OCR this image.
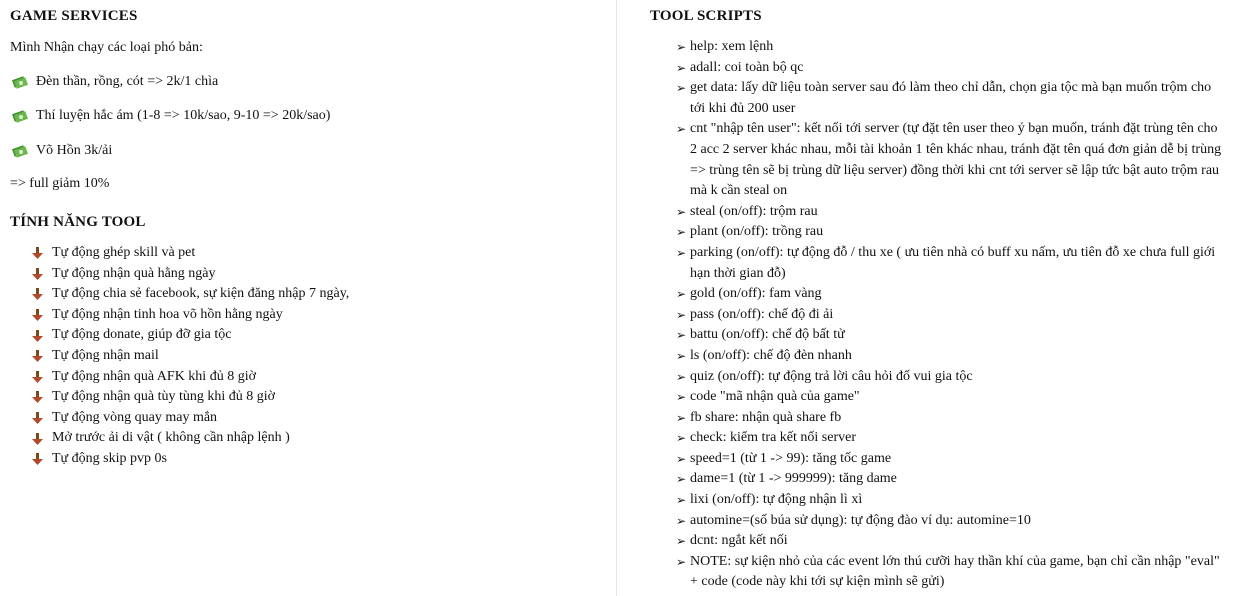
GAME SERVICES
Mình Nhận chạy các loại phó bản:
Đèn thần, rồng, cót => 2k/1 chìa
Thí luyện hắc ám (1-8 => 10k/sao, 9-10 => 20k/sao)
Võ Hồn 3k/ải
=> full giảm 10%
TÍNH NĂNG TOOL
Tự động ghép skill và pet
Tự động nhận quà hằng ngày
Tự động chia sẻ facebook, sự kiện đăng nhập 7 ngày,
Tự động nhận tinh hoa võ hồn hằng ngày
Tự động donate, giúp đỡ gia tộc
Tự động nhận mail
Tự động nhận quà AFK khi đủ 8 giờ
Tự động nhận quà tùy tùng khi đủ 8 giờ
Tự động vòng quay may mắn
Mở trước ải di vật ( không cần nhập lệnh )
Tự động skip pvp 0s
TOOL SCRIPTS
➢ help: xem lệnh
➢ adall: coi toàn bộ qc
➢ get data: lấy dữ liệu toàn server sau đó làm theo chỉ dẫn, chọn gia tộc mà bạn muốn trộm cho tới khi đủ 200 user
➢ cnt "nhập tên user": kết nối tới server (tự đặt tên user theo ý bạn muốn, tránh đặt trùng tên cho 2 acc 2 server khác nhau, mỗi tài khoản 1 tên khác nhau, tránh đặt tên quá đơn giản dễ bị trùng => trùng tên sẽ bị trùng dữ liệu server) đồng thời khi cnt tới server sẽ lập tức bật auto trộm rau mà k cần steal on
➢ steal (on/off): trộm rau
➢ plant (on/off): trồng rau
➢ parking (on/off): tự động đỗ / thu xe ( ưu tiên nhà có buff xu nấm, ưu tiên đỗ xe chưa full giới hạn thời gian đỗ)
➢ gold (on/off): fam vàng
➢ pass (on/off): chế độ đi ải
➢ battu (on/off): chế độ bất tử
➢ ls (on/off): chế độ đèn nhanh
➢ quiz (on/off): tự động trả lời câu hỏi đố vui gia tộc
➢ code "mã nhận quà của game"
➢ fb share: nhận quà share fb
➢ check: kiểm tra kết nối server
➢ speed=1 (từ 1 -> 99): tăng tốc game
➢ dame=1 (từ 1 -> 999999): tăng dame
➢ lixi (on/off): tự động nhận lì xì
➢ automine=(số búa sử dụng): tự động đào ví dụ: automine=10
➢ dcnt: ngắt kết nối
➢ NOTE: sự kiện nhỏ của các event lớn thú cưỡi hay thần khí của game, bạn chỉ cần nhập "eval" + code (code này khi tới sự kiện mình sẽ gửi)
